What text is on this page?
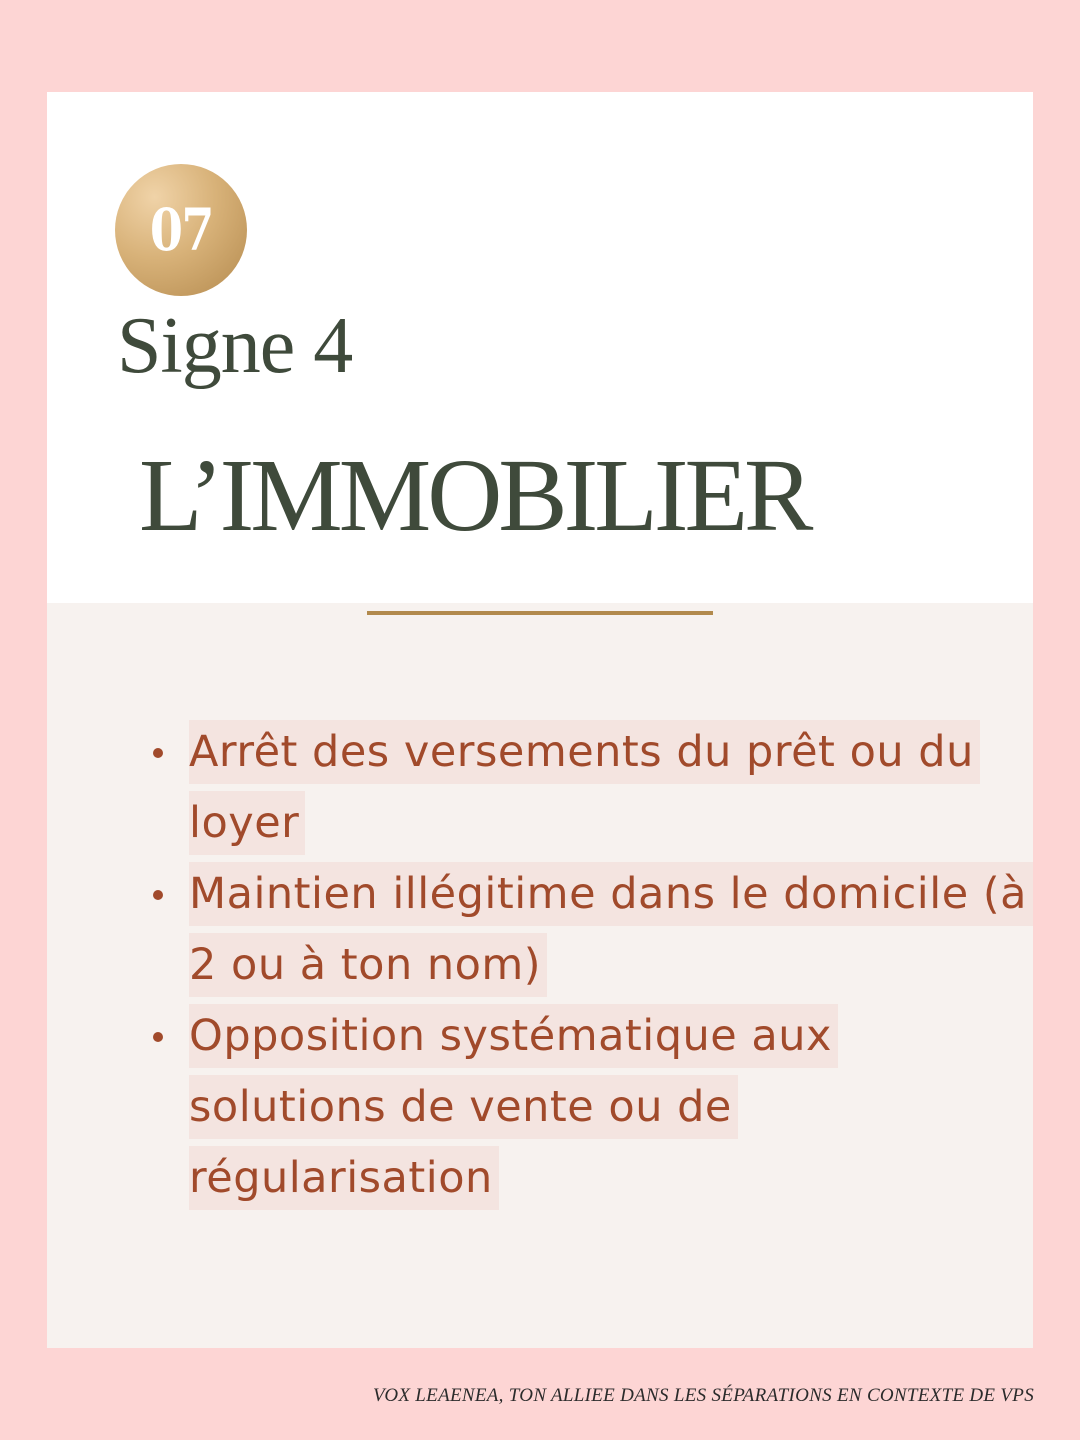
07
Signe 4
L’IMMOBILIER
Arrêt des versements du prêt ou du loyer
Maintien illégitime dans le domicile (à 2 ou à ton nom)
Opposition systématique aux solutions de vente ou de régularisation
VOX LEAENEA, TON ALLIEE DANS LES SÉPARATIONS EN CONTEXTE DE VPS
